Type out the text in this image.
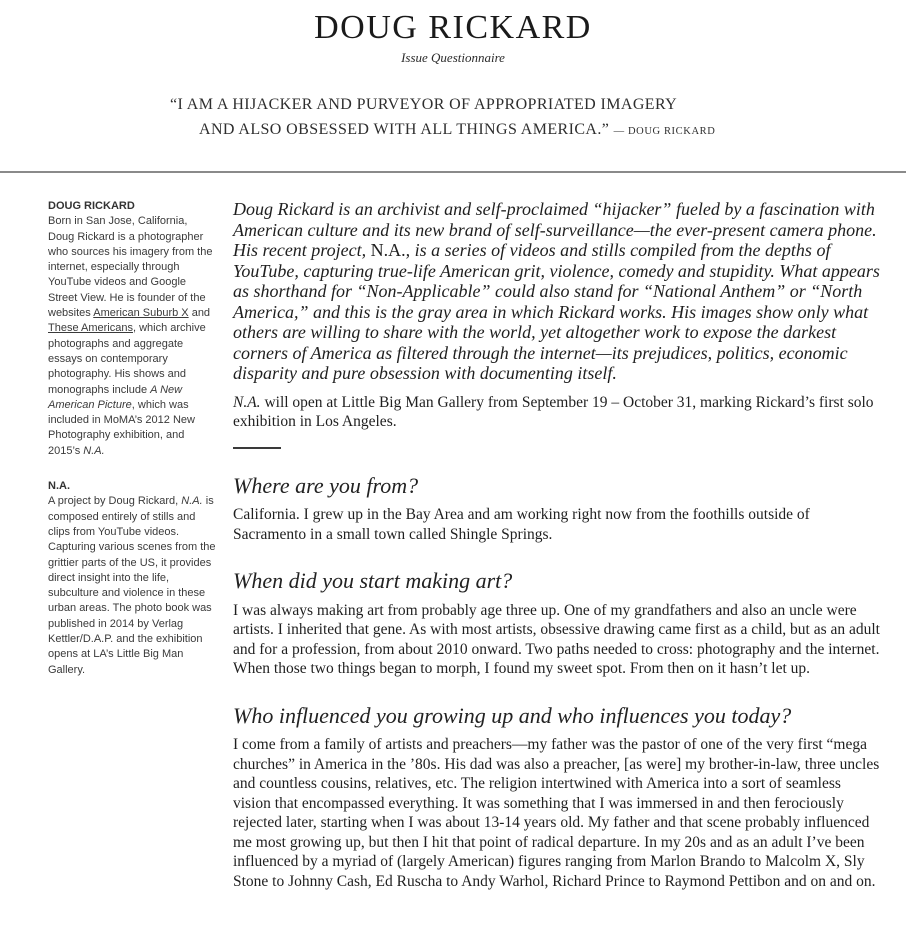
DOUG RICKARD
Issue Questionnaire
“I AM A HIJACKER AND PURVEYOR OF APPROPRIATED IMAGERY
AND ALSO OBSESSED WITH ALL THINGS AMERICA.” — DOUG RICKARD
DOUG RICKARD

Born in San Jose, California, Doug Rickard is a photographer who sources his imagery from the internet, especially through YouTube videos and Google Street View. He is founder of the websites American Suburb X and These Americans, which archive photographs and aggregate essays on contemporary photography. His shows and monographs include A New American Picture, which was included in MoMA’s 2012 New Photography exhibition, and 2015’s N.A.

N.A.

A project by Doug Rickard, N.A. is composed entirely of stills and clips from YouTube videos. Capturing various scenes from the grittier parts of the US, it provides direct insight into the life, subculture and violence in these urban areas. The photo book was published in 2014 by Verlag Kettler/D.A.P. and the exhibition opens at LA’s Little Big Man Gallery.

Doug Rickard is an archivist and self-proclaimed “hijacker” fueled by a fascination with American culture and its new brand of self-surveillance—the ever-present camera phone. His recent project, N.A., is a series of videos and stills compiled from the depths of YouTube, capturing true-life American grit, violence, comedy and stupidity. What appears as shorthand for “Non-Applicable” could also stand for “National Anthem” or “North America,” and this is the gray area in which Rickard works. His images show only what others are willing to share with the world, yet altogether work to expose the darkest corners of America as filtered through the internet—its prejudices, politics, economic disparity and pure obsession with documenting itself.

N.A. will open at Little Big Man Gallery from September 19 – October 31, marking Rickard’s first solo exhibition in Los Angeles.

Where are you from?

California. I grew up in the Bay Area and am working right now from the foothills outside of Sacramento in a small town called Shingle Springs.

When did you start making art?

I was always making art from probably age three up. One of my grandfathers and also an uncle were artists. I inherited that gene. As with most artists, obsessive drawing came first as a child, but as an adult and for a profession, from about 2010 onward. Two paths needed to cross: photography and the internet. When those two things began to morph, I found my sweet spot. From then on it hasn’t let up.

Who influenced you growing up and who influences you today?

I come from a family of artists and preachers—my father was the pastor of one of the very first “mega churches” in America in the ’80s. His dad was also a preacher, [as were] my brother-in-law, three uncles and countless cousins, relatives, etc. The religion intertwined with America into a sort of seamless vision that encompassed everything. It was something that I was immersed in and then ferociously rejected later, starting when I was about 13-14 years old. My father and that scene probably influenced me most growing up, but then I hit that point of radical departure. In my 20s and as an adult I’ve been influenced by a myriad of (largely American) figures ranging from Marlon Brando to Malcolm X, Sly Stone to Johnny Cash, Ed Ruscha to Andy Warhol, Richard Prince to Raymond Pettibon and on and on.
